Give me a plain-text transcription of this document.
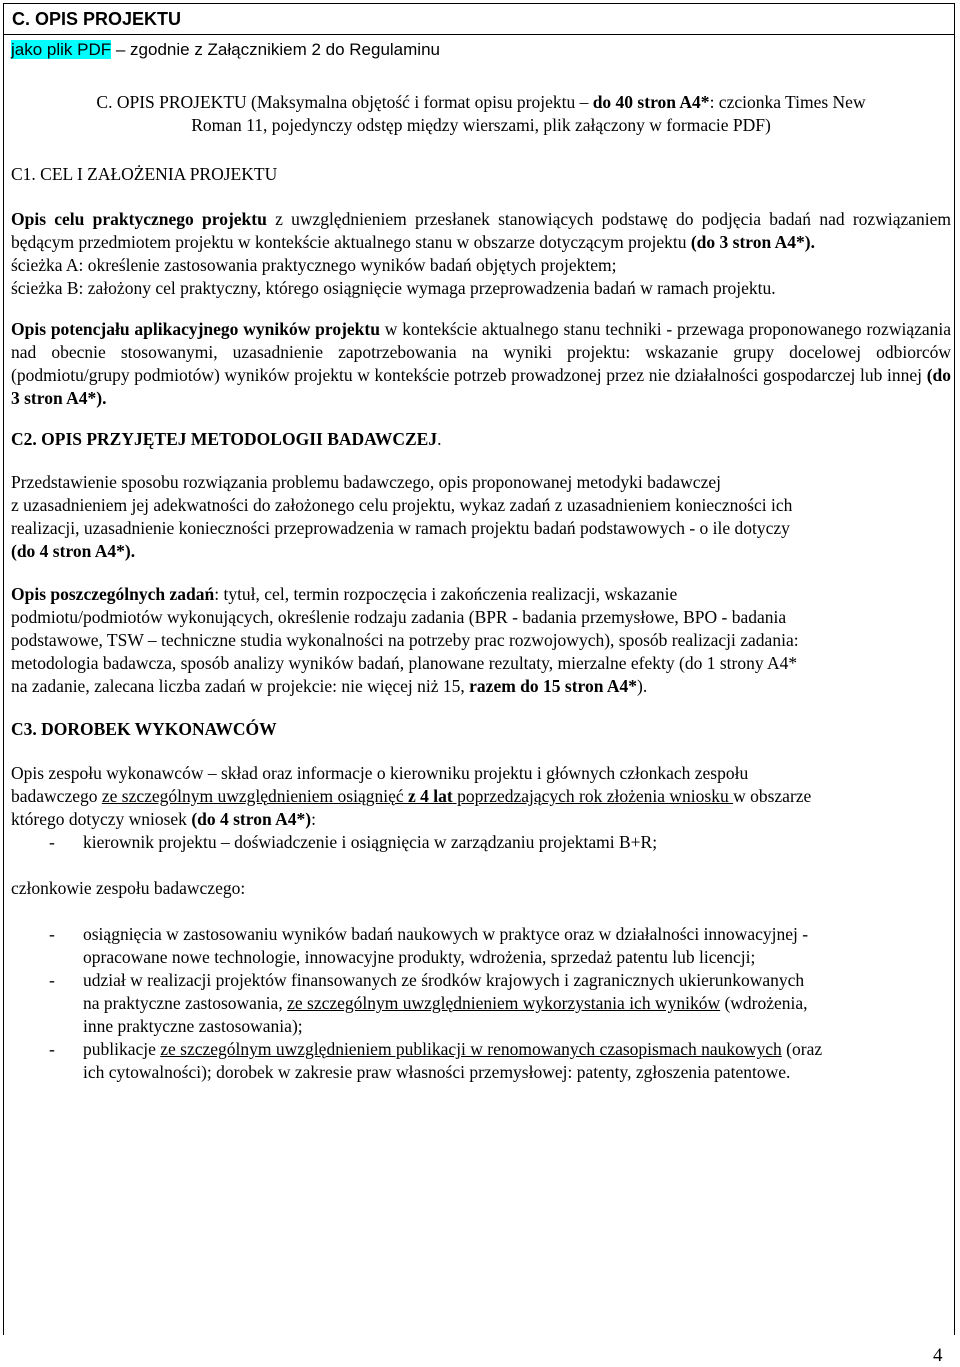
C. OPIS PROJEKTU

jako plik PDF – zgodnie z Załącznikiem 2 do Regulaminu

C. OPIS PROJEKTU (Maksymalna objętość i format opisu projektu – do 40 stron A4*: czcionka Times New

Roman 11, pojedynczy odstęp między wierszami, plik załączony w formacie PDF)

C1. CEL I ZAŁOŻENIA PROJEKTU

Opis celu praktycznego projektu z uwzględnieniem przesłanek stanowiących podstawę do podjęcia badań nad rozwiązaniem będącym przedmiotem projektu w kontekście aktualnego stanu w obszarze dotyczącym projektu (do 3 stron A4*).

ścieżka A: określenie zastosowania praktycznego wyników badań objętych projektem;

ścieżka B: założony cel praktyczny, którego osiągnięcie wymaga przeprowadzenia badań w ramach projektu.

Opis potencjału aplikacyjnego wyników projektu w kontekście aktualnego stanu techniki - przewaga proponowanego rozwiązania nad obecnie stosowanymi, uzasadnienie zapotrzebowania na wyniki projektu: wskazanie grupy docelowej odbiorców (podmiotu/grupy podmiotów) wyników projektu w kontekście potrzeb prowadzonej przez nie działalności gospodarczej lub innej (do 3 stron A4*).

C2. OPIS PRZYJĘTEJ METODOLOGII BADAWCZEJ.

Przedstawienie sposobu rozwiązania problemu badawczego, opis proponowanej metodyki badawczej

z uzasadnieniem jej adekwatności do założonego celu projektu, wykaz zadań z uzasadnieniem konieczności ich

realizacji, uzasadnienie konieczności przeprowadzenia w ramach projektu badań podstawowych - o ile dotyczy

(do 4 stron A4*).

Opis poszczególnych zadań: tytuł, cel, termin rozpoczęcia i zakończenia realizacji, wskazanie

podmiotu/podmiotów wykonujących, określenie rodzaju zadania (BPR - badania przemysłowe, BPO - badania

podstawowe, TSW – techniczne studia wykonalności na potrzeby prac rozwojowych), sposób realizacji zadania:

metodologia badawcza, sposób analizy wyników badań, planowane rezultaty, mierzalne efekty (do 1 strony A4*

na zadanie, zalecana liczba zadań w projekcie: nie więcej niż 15, razem do 15 stron A4*).

C3. DOROBEK WYKONAWCÓW

Opis zespołu wykonawców – skład oraz informacje o kierowniku projektu i głównych członkach zespołu

badawczego ze szczególnym uwzględnieniem osiągnięć z 4 lat poprzedzających rok złożenia wniosku w obszarze

którego dotyczy wniosek (do 4 stron A4*):

- kierownik projektu – doświadczenie i osiągnięcia w zarządzaniu projektami B+R;

członkowie zespołu badawczego:

- osiągnięcia w zastosowaniu wyników badań naukowych w praktyce oraz w działalności innowacyjnej -
opracowane nowe technologie, innowacyjne produkty, wdrożenia, sprzedaż patentu lub licencji;

- udział w realizacji projektów finansowanych ze środków krajowych i zagranicznych ukierunkowanych
na praktyczne zastosowania, ze szczególnym uwzględnieniem wykorzystania ich wyników (wdrożenia,
inne praktyczne zastosowania);

- publikacje ze szczególnym uwzględnieniem publikacji w renomowanych czasopismach naukowych (oraz
ich cytowalności); dorobek w zakresie praw własności przemysłowej: patenty, zgłoszenia patentowe.

4
